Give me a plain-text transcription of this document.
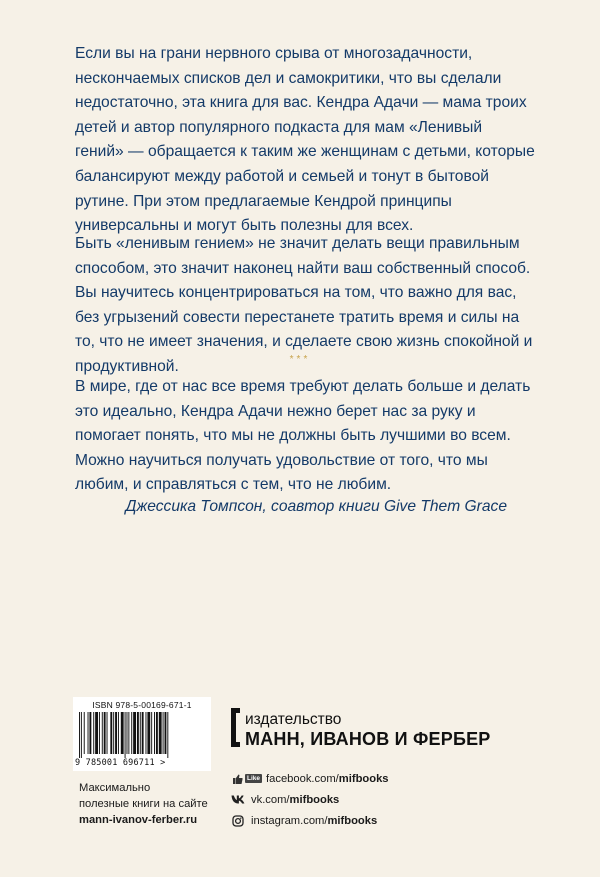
Если вы на грани нервного срыва от многозадачности, нескончаемых списков дел и самокритики, что вы сделали недостаточно, эта книга для вас. Кендра Адачи — мама троих детей и автор популярного подкаста для мам «Ленивый гений» — обращается к таким же женщинам с детьми, которые балансируют между работой и семьей и тонут в бытовой рутине. При этом предлагаемые Кендрой принципы универсальны и могут быть полезны для всех.

Быть «ленивым гением» не значит делать вещи правильным способом, это значит наконец найти ваш собственный способ. Вы научитесь концентрироваться на том, что важно для вас, без угрызений совести перестанете тратить время и силы на то, что не имеет значения, и сделаете свою жизнь спокойной и продуктивной.	***

В мире, где от нас все время требуют делать больше и делать это идеально, Кендра Адачи нежно берет нас за руку и помогает понять, что мы не должны быть лучшими во всем. Можно научиться получать удовольствие от того, что мы любим, и справляться с тем, что не любим.

Джессика Томпсон, соавтор книги Give Them Grace
ISBN 978-5-00169-671-1
9 785001 696711 >
Максимально
полезные книги на сайте
mann-ivanov-ferber.ru
издательство
МАНН, ИВАНОВ И ФЕРБЕР
Like facebook.com/ mifbooks
vk.com/ mifbooks
instagram.com/ mifbooks
